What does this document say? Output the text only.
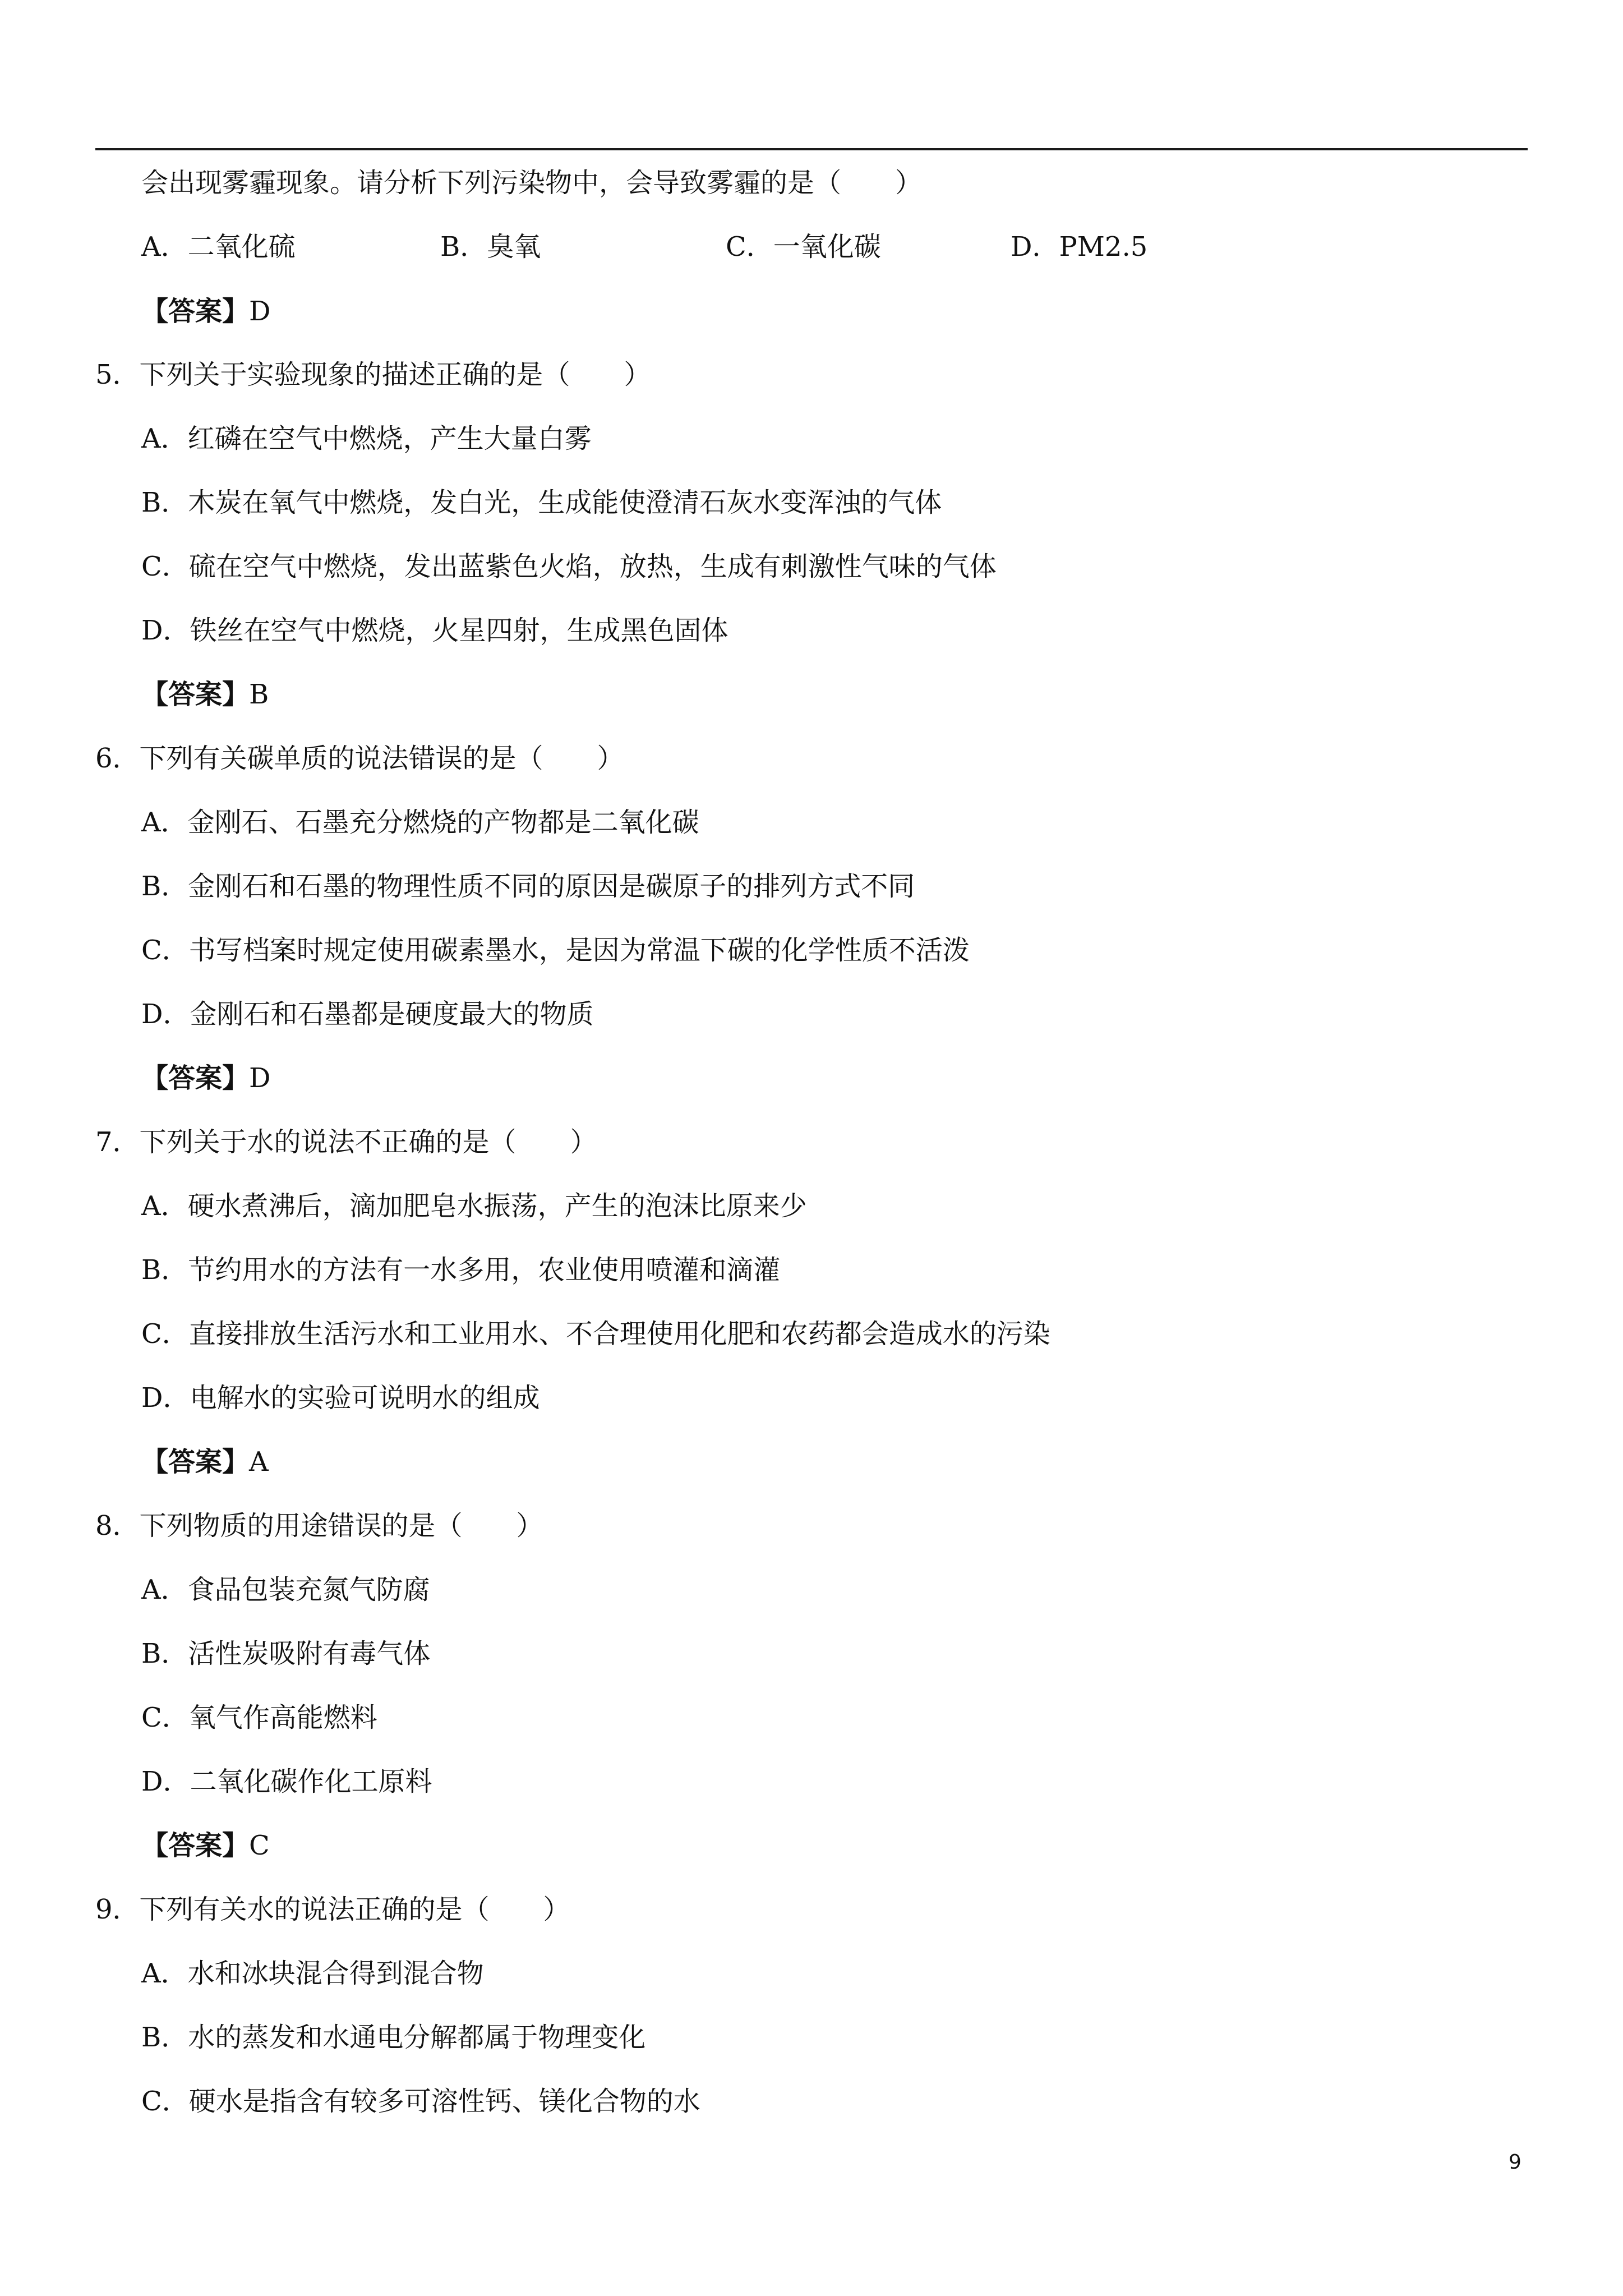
会出现雾霾现象。请分析下列污染物中，会导致雾霾的是（　　）
A．二氧化硫	B．臭氧	C．一氧化碳	D．PM2.5
【答案】D
5．下列关于实验现象的描述正确的是（　　）
A．红磷在空气中燃烧，产生大量白雾
B．木炭在氧气中燃烧，发白光，生成能使澄清石灰水变浑浊的气体
C．硫在空气中燃烧，发出蓝紫色火焰，放热，生成有刺激性气味的气体
D．铁丝在空气中燃烧，火星四射，生成黑色固体
【答案】B
6．下列有关碳单质的说法错误的是（　　）
A．金刚石、石墨充分燃烧的产物都是二氧化碳
B．金刚石和石墨的物理性质不同的原因是碳原子的排列方式不同
C．书写档案时规定使用碳素墨水，是因为常温下碳的化学性质不活泼
D．金刚石和石墨都是硬度最大的物质
【答案】D
7．下列关于水的说法不正确的是（　　）
A．硬水煮沸后，滴加肥皂水振荡，产生的泡沫比原来少
B．节约用水的方法有一水多用，农业使用喷灌和滴灌
C．直接排放生活污水和工业用水、不合理使用化肥和农药都会造成水的污染
D．电解水的实验可说明水的组成
【答案】A
8．下列物质的用途错误的是（　　）
A．食品包装充氮气防腐
B．活性炭吸附有毒气体
C．氧气作高能燃料
D．二氧化碳作化工原料
【答案】C
9．下列有关水的说法正确的是（　　）
A．水和冰块混合得到混合物
B．水的蒸发和水通电分解都属于物理变化
C．硬水是指含有较多可溶性钙、镁化合物的水
9
